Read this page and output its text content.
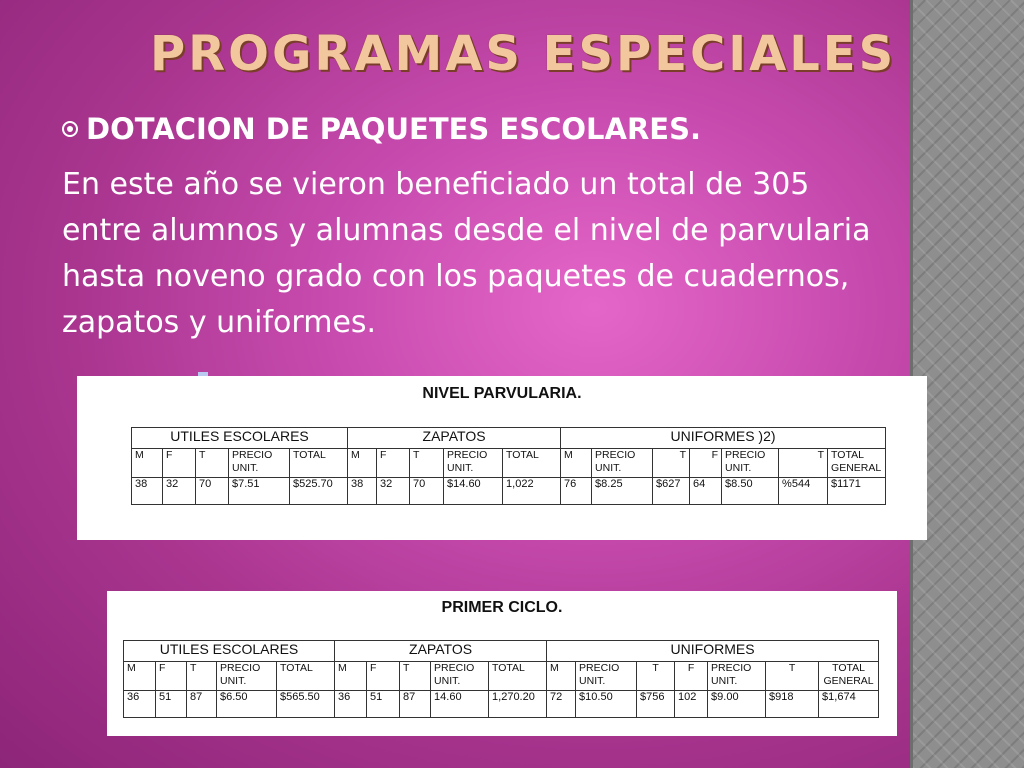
PROGRAMAS ESPECIALES
DOTACION DE PAQUETES ESCOLARES.

En este año se vieron beneficiado un total de 305 entre alumnos y alumnas desde el nivel de parvularia hasta noveno grado con los paquetes de cuadernos, zapatos y uniformes.

NIVEL PARVULARIA.
UTILES ESCOLARES					ZAPATOS					UNIFORMES )2)						
M	F	T	PRECIO UNIT.	TOTAL	M	F	T	PRECIO UNIT.	TOTAL	M	PRECIO UNIT.	T	F	PRECIO UNIT.	T	TOTAL GENERAL
38	32	70	$7.51	$525.70	38	32	70	$14.60	1,022	76	$8.25	$627	64	$8.50	%544	$1171
PRIMER CICLO.
UTILES ESCOLARES					ZAPATOS					UNIFORMES						
M	F	T	PRECIO UNIT.	TOTAL	M	F	T	PRECIO UNIT.	TOTAL	M	PRECIO UNIT.	T	F	PRECIO UNIT.	T	TOTAL GENERAL
36	51	87	$6.50	$565.50	36	51	87	14.60	1,270.20	72	$10.50	$756	102	$9.00	$918	$1,674
